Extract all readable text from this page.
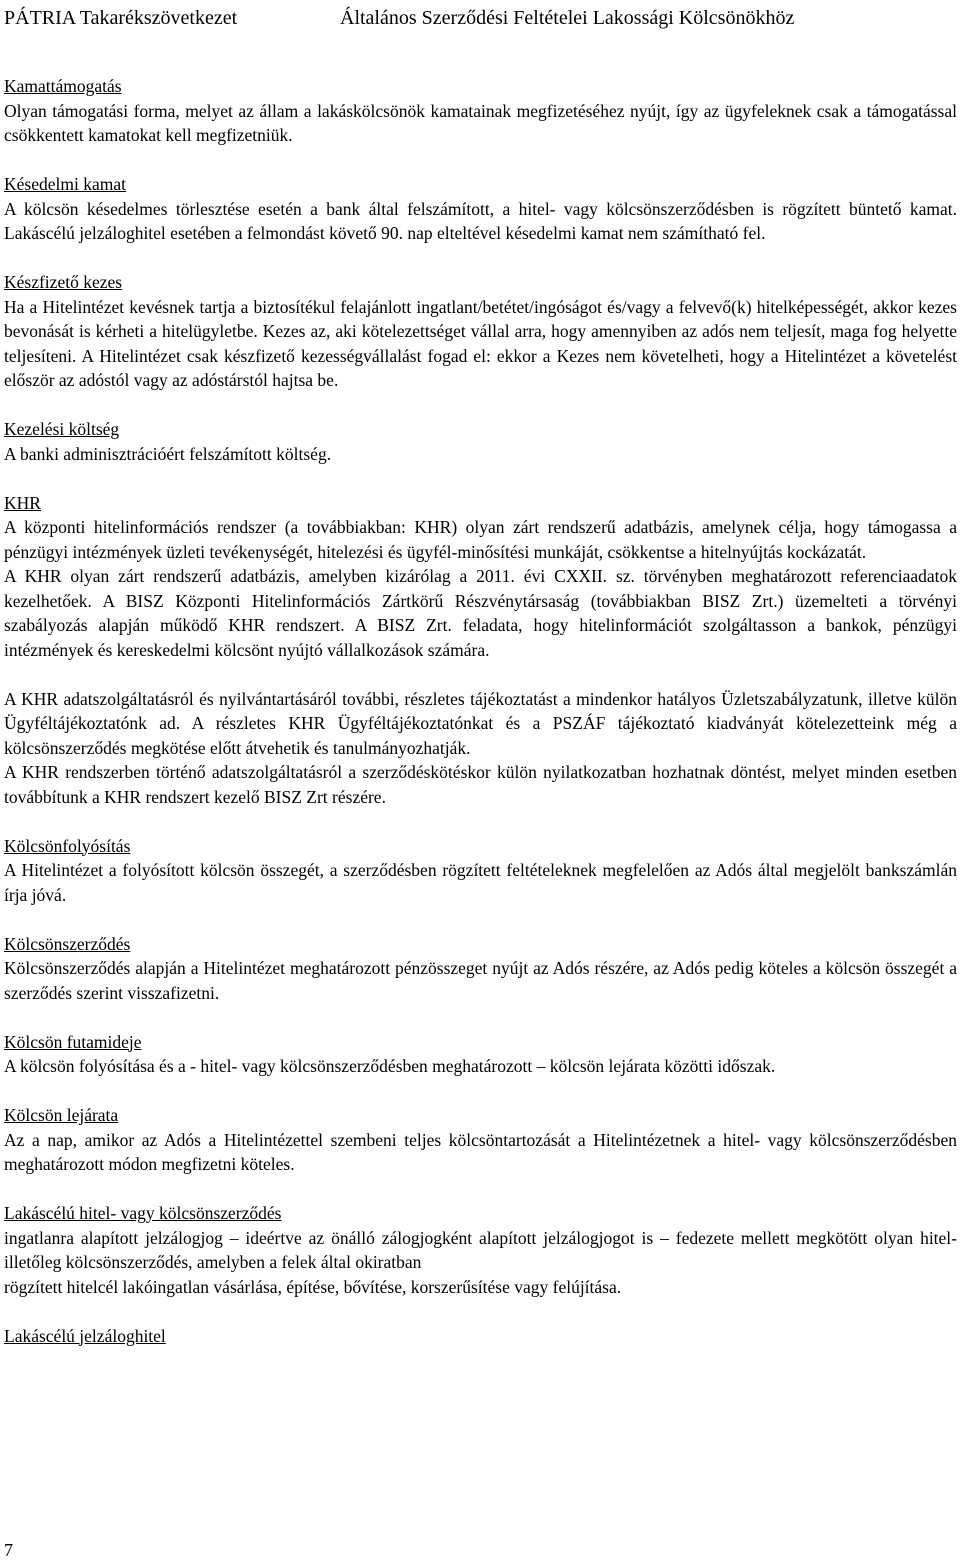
PÁTRIA Takarékszövetkezet	Általános Szerződési Feltételei Lakossági Kölcsönökhöz
Kamattámogatás
Olyan támogatási forma, melyet az állam a lakáskölcsönök kamatainak megfizetéséhez nyújt, így az ügyfeleknek csak a támogatással csökkentett kamatokat kell megfizetniük.
Késedelmi kamat
A kölcsön késedelmes törlesztése esetén a bank által felszámított, a hitel- vagy kölcsönszerződésben is rögzített büntető kamat. Lakáscélú jelzáloghitel esetében a felmondást követő 90. nap elteltével késedelmi kamat nem számítható fel.
Készfizető kezes
Ha a Hitelintézet kevésnek tartja a biztosítékul felajánlott ingatlant/betétet/ingóságot és/vagy a felvevő(k) hitelképességét, akkor kezes bevonását is kérheti a hitelügyletbe. Kezes az, aki kötelezettséget vállal arra, hogy amennyiben az adós nem teljesít, maga fog helyette teljesíteni. A Hitelintézet csak készfizető kezességvállalást fogad el: ekkor a Kezes nem követelheti, hogy a Hitelintézet a követelést először az adóstól vagy az adóstárstól hajtsa be.
Kezelési költség
A banki adminisztrációért felszámított költség.
KHR
A központi hitelinformációs rendszer (a továbbiakban: KHR) olyan zárt rendszerű adatbázis, amelynek célja, hogy támogassa a pénzügyi intézmények üzleti tevékenységét, hitelezési és ügyfél-minősítési munkáját, csökkentse a hitelnyújtás kockázatát.
A KHR olyan zárt rendszerű adatbázis, amelyben kizárólag a 2011. évi CXXII. sz. törvényben meghatározott referenciaadatok kezelhetőek. A BISZ Központi Hitelinformációs Zártkörű Részvénytársaság (továbbiakban BISZ Zrt.) üzemelteti a törvényi szabályozás alapján működő KHR rendszert. A BISZ Zrt. feladata, hogy hitelinformációt szolgáltasson a bankok, pénzügyi intézmények és kereskedelmi kölcsönt nyújtó vállalkozások számára.
A KHR adatszolgáltatásról és nyilvántartásáról további, részletes tájékoztatást a mindenkor hatályos Üzletszabályzatunk, illetve külön Ügyféltájékoztatónk ad. A részletes KHR Ügyféltájékoztatónkat és a PSZÁF tájékoztató kiadványát kötelezetteink még a kölcsönszerződés megkötése előtt átvehetik és tanulmányozhatják.
A KHR rendszerben történő adatszolgáltatásról a szerződéskötéskor külön nyilatkozatban hozhatnak döntést, melyet minden esetben továbbítunk a KHR rendszert kezelő BISZ Zrt részére.
Kölcsönfolyósítás
A Hitelintézet a folyósított kölcsön összegét, a szerződésben rögzített feltételeknek megfelelően az Adós által megjelölt bankszámlán írja jóvá.
Kölcsönszerződés
Kölcsönszerződés alapján a Hitelintézet meghatározott pénzösszeget nyújt az Adós részére, az Adós pedig köteles a kölcsön összegét a szerződés szerint visszafizetni.
Kölcsön futamideje
A kölcsön folyósítása és a - hitel- vagy kölcsönszerződésben meghatározott – kölcsön lejárata közötti időszak.
Kölcsön lejárata
Az a nap, amikor az Adós a Hitelintézettel szembeni teljes kölcsöntartozását a Hitelintézetnek a hitel- vagy kölcsönszerződésben meghatározott módon megfizetni köteles.
Lakáscélú hitel- vagy kölcsönszerződés
ingatlanra alapított jelzálogjog – ideértve az önálló zálogjogként alapított jelzálogjogot is – fedezete mellett megkötött olyan hitel- illetőleg kölcsönszerződés, amelyben a felek által okiratban
rögzített hitelcél lakóingatlan vásárlása, építése, bővítése, korszerűsítése vagy felújítása.
Lakáscélú jelzáloghitel
7
